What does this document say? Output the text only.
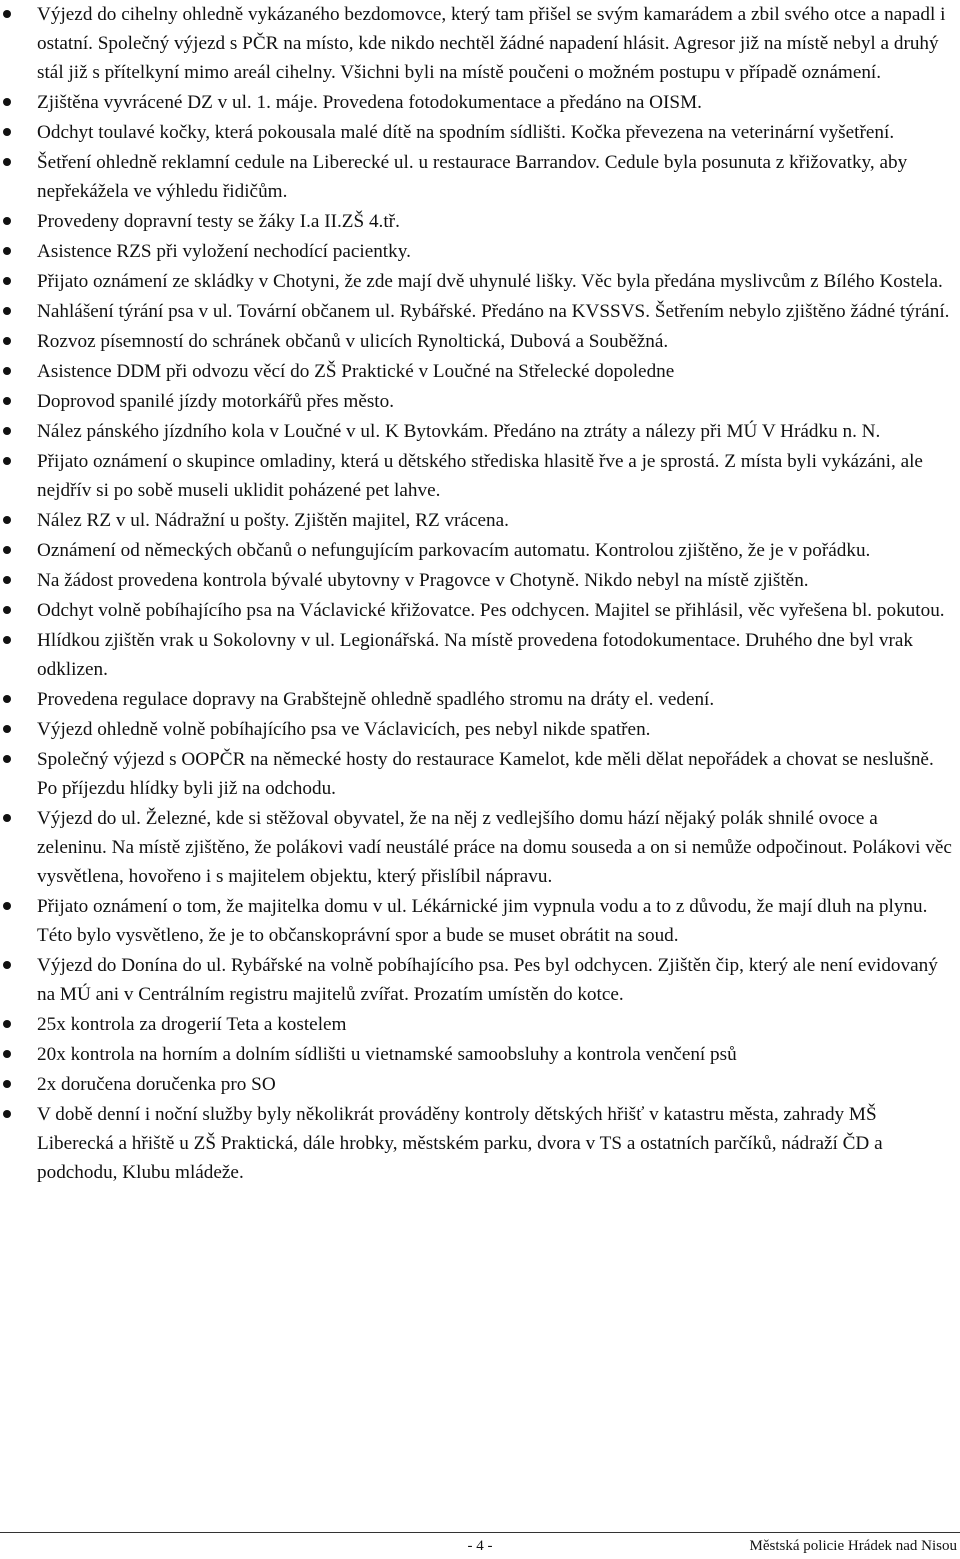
Výjezd do cihelny ohledně vykázaného bezdomovce, který tam přišel se svým kamarádem a zbil svého otce a napadl i ostatní. Společný výjezd s PČR na místo, kde nikdo nechtěl žádné napadení hlásit. Agresor již na místě nebyl a druhý stál již s přítelkyní mimo areál cihelny. Všichni byli na místě poučeni o možném postupu v případě oznámení.
Zjištěna vyvrácené DZ v ul. 1. máje. Provedena fotodokumentace a předáno na OISM.
Odchyt toulavé kočky, která pokousala malé dítě na spodním sídlišti. Kočka převezena na veterinární vyšetření.
Šetření ohledně reklamní cedule na Liberecké ul. u restaurace Barrandov. Cedule byla posunuta z křižovatky, aby nepřekážela ve výhledu řidičům.
Provedeny dopravní testy se žáky I.a II.ZŠ 4.tř.
Asistence RZS při vyložení nechodící pacientky.
Přijato oznámení ze skládky v Chotyni, že zde mají dvě uhynulé lišky. Věc byla předána myslivcům z Bílého Kostela.
Nahlášení týrání psa v ul. Tovární občanem ul. Rybářské. Předáno na KVSSVS. Šetřením nebylo zjištěno žádné týrání.
Rozvoz písemností do schránek občanů v ulicích Rynoltická, Dubová a Souběžná.
Asistence DDM při odvozu věcí do ZŠ Praktické v Loučné na Střelecké dopoledne
Doprovod spanilé jízdy motorkářů přes město.
Nález pánského jízdního kola v Loučné v ul. K Bytovkám. Předáno na ztráty a nálezy při MÚ V Hrádku n. N.
Přijato oznámení o skupince omladiny, která u dětského střediska hlasitě řve a je sprostá. Z místa byli vykázáni, ale nejdřív si po sobě museli uklidit poházené pet lahve.
Nález RZ v ul. Nádražní u pošty. Zjištěn majitel, RZ vrácena.
Oznámení od německých občanů o nefungujícím parkovacím automatu. Kontrolou zjištěno, že je v pořádku.
Na žádost provedena kontrola bývalé ubytovny v Pragovce v Chotyně. Nikdo nebyl na místě zjištěn.
Odchyt volně pobíhajícího psa na Václavické křižovatce. Pes odchycen. Majitel se přihlásil, věc vyřešena bl. pokutou.
Hlídkou zjištěn vrak u Sokolovny v ul. Legionářská. Na místě provedena fotodokumentace. Druhého dne byl vrak odklizen.
Provedena regulace dopravy na Grabštejně ohledně spadlého stromu na dráty el. vedení.
Výjezd ohledně volně pobíhajícího psa ve Václavicích, pes nebyl nikde spatřen.
Společný výjezd s OOPČR na německé hosty do restaurace Kamelot, kde měli dělat nepořádek a chovat se neslušně. Po příjezdu hlídky byli již na odchodu.
Výjezd do ul. Železné, kde si stěžoval obyvatel, že na něj z vedlejšího domu hází nějaký polák shnilé ovoce a zeleninu. Na místě zjištěno, že polákovi vadí neustálé práce na domu souseda a on si nemůže odpočinout. Polákovi věc vysvětlena, hovořeno i s majitelem objektu, který přislíbil nápravu.
Přijato oznámení o tom, že majitelka domu v ul. Lékárnické jim vypnula vodu a to z důvodu, že mají dluh na plynu. Této bylo vysvětleno, že je to občanskoprávní spor a bude se muset obrátit na soud.
Výjezd do Donína do ul. Rybářské na volně pobíhajícího psa. Pes byl odchycen. Zjištěn čip, který ale není evidovaný na MÚ ani v Centrálním registru majitelů zvířat. Prozatím umístěn do kotce.
25x kontrola za drogerií Teta a kostelem
20x kontrola na horním a dolním sídlišti u vietnamské samoobsluhy a kontrola venčení psů
2x doručena doručenka pro SO
V době denní i noční služby byly několikrát prováděny kontroly dětských hřišť v katastru města, zahrady MŠ Liberecká a hřiště u ZŠ Praktická, dále hrobky, městském parku, dvora v TS a ostatních parčíků, nádraží ČD a podchodu, Klubu mládeže.
- 4 -	Městská policie Hrádek nad Nisou
